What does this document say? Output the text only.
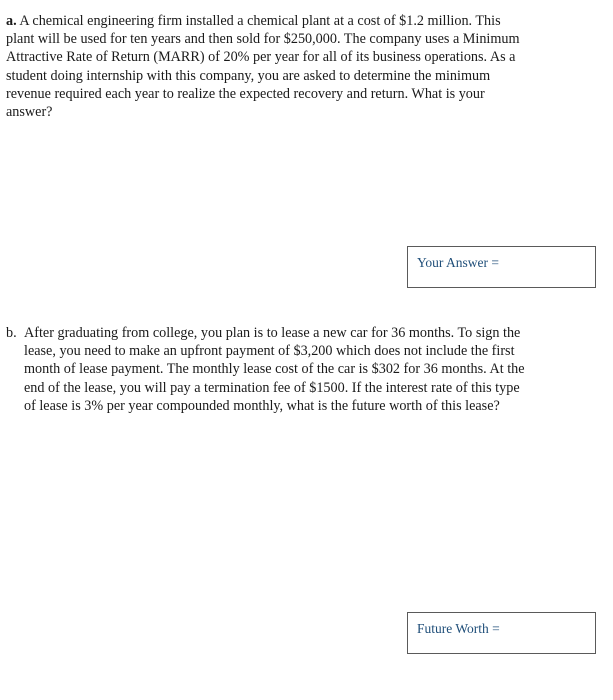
a. A chemical engineering firm installed a chemical plant at a cost of $1.2 million. This
plant will be used for ten years and then sold for $250,000. The company uses a Minimum
Attractive Rate of Return (MARR) of 20% per year for all of its business operations. As a
student doing internship with this company, you are asked to determine the minimum
revenue required each year to realize the expected recovery and return. What is your
answer?
Your Answer =
b. After graduating from college, you plan is to lease a new car for 36 months. To sign the
lease, you need to make an upfront payment of $3,200 which does not include the first
month of lease payment. The monthly lease cost of the car is $302 for 36 months. At the
end of the lease, you will pay a termination fee of $1500. If the interest rate of this type
of lease is 3% per year compounded monthly, what is the future worth of this lease?
Future Worth =
